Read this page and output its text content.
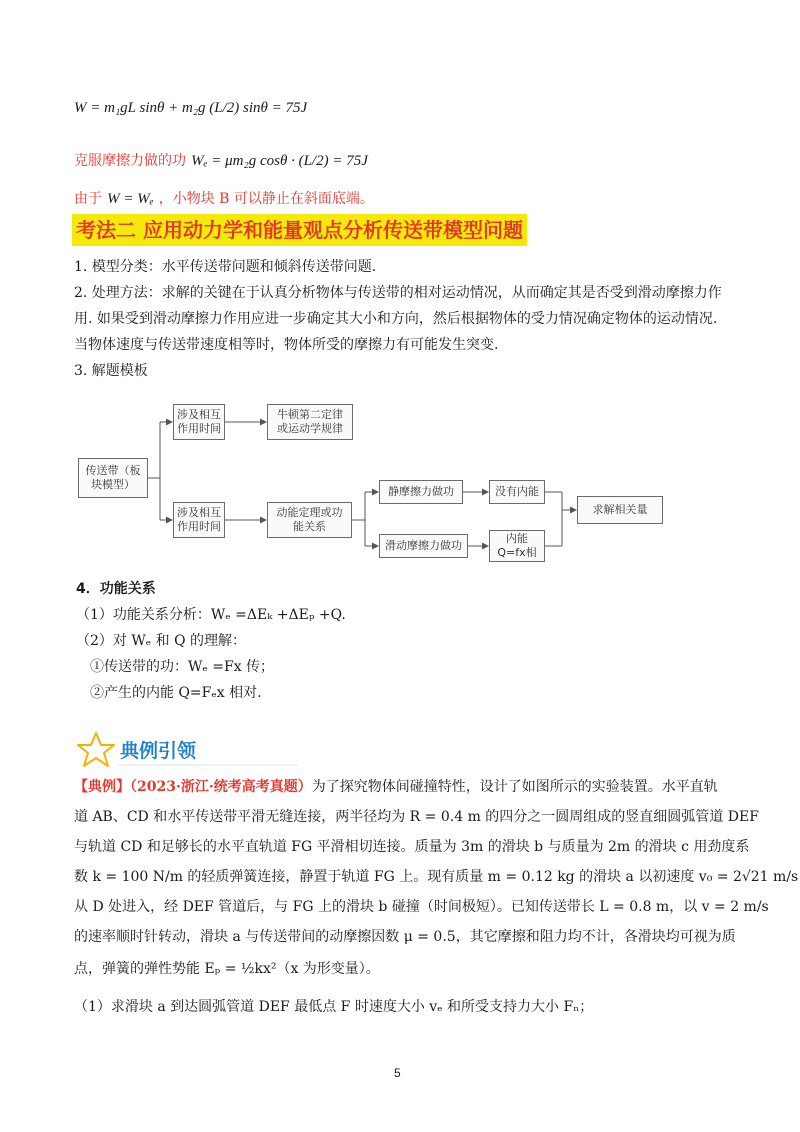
W = m₁gL sinθ + m₂g (L/2) sinθ = 75J
克服摩擦力做的功 Wₑ = μm₂g cosθ · (L/2) = 75J
由于 W = Wₑ ，小物块 B 可以静止在斜面底端。
考法二 应用动力学和能量观点分析传送带模型问题
1. 模型分类：水平传送带问题和倾斜传送带问题.
2. 处理方法：求解的关键在于认真分析物体与传送带的相对运动情况，从而确定其是否受到滑动摩擦力作用. 如果受到滑动摩擦力作用应进一步确定其大小和方向，然后根据物体的受力情况确定物体的运动情况. 当物体速度与传送带速度相等时，物体所受的摩擦力有可能发生突变.
3. 解题模板
传送带（板
块模型）
涉及相互
作用时间
牛顿第二定律
或运动学规律
涉及相互
作用时间
动能定理或功
能关系
静摩擦力做功	没有内能
滑动摩擦力做功
内能
Q=fx相
求解相关量
4．功能关系
（1）功能关系分析：Wₑ =ΔEₖ +ΔEₚ +Q.
（2）对 Wₑ 和 Q 的理解：
①传送带的功：Wₑ =Fx 传；
②产生的内能 Q=Fₑx 相对.
典例引领
【典例】（2023·浙江·统考高考真题）为了探究物体间碰撞特性，设计了如图所示的实验装置。水平直轨
道 AB、CD 和水平传送带平滑无缝连接，两半径均为 R = 0.4 m 的四分之一圆周组成的竖直细圆弧管道 DEF
与轨道 CD 和足够长的水平直轨道 FG 平滑相切连接。质量为 3m 的滑块 b 与质量为 2m 的滑块 c 用劲度系
数 k = 100 N/m 的轻质弹簧连接，静置于轨道 FG 上。现有质量 m = 0.12 kg 的滑块 a 以初速度 v₀ = 2√21 m/s
从 D 处进入，经 DEF 管道后，与 FG 上的滑块 b 碰撞（时间极短）。已知传送带长 L = 0.8 m，以 v = 2 m/s
的速率顺时针转动，滑块 a 与传送带间的动摩擦因数 μ = 0.5，其它摩擦和阻力均不计，各滑块均可视为质
点，弹簧的弹性势能 Eₚ = ½kx²（x 为形变量）。
（1）求滑块 a 到达圆弧管道 DEF 最低点 F 时速度大小 vₑ 和所受支持力大小 Fₙ；
5
